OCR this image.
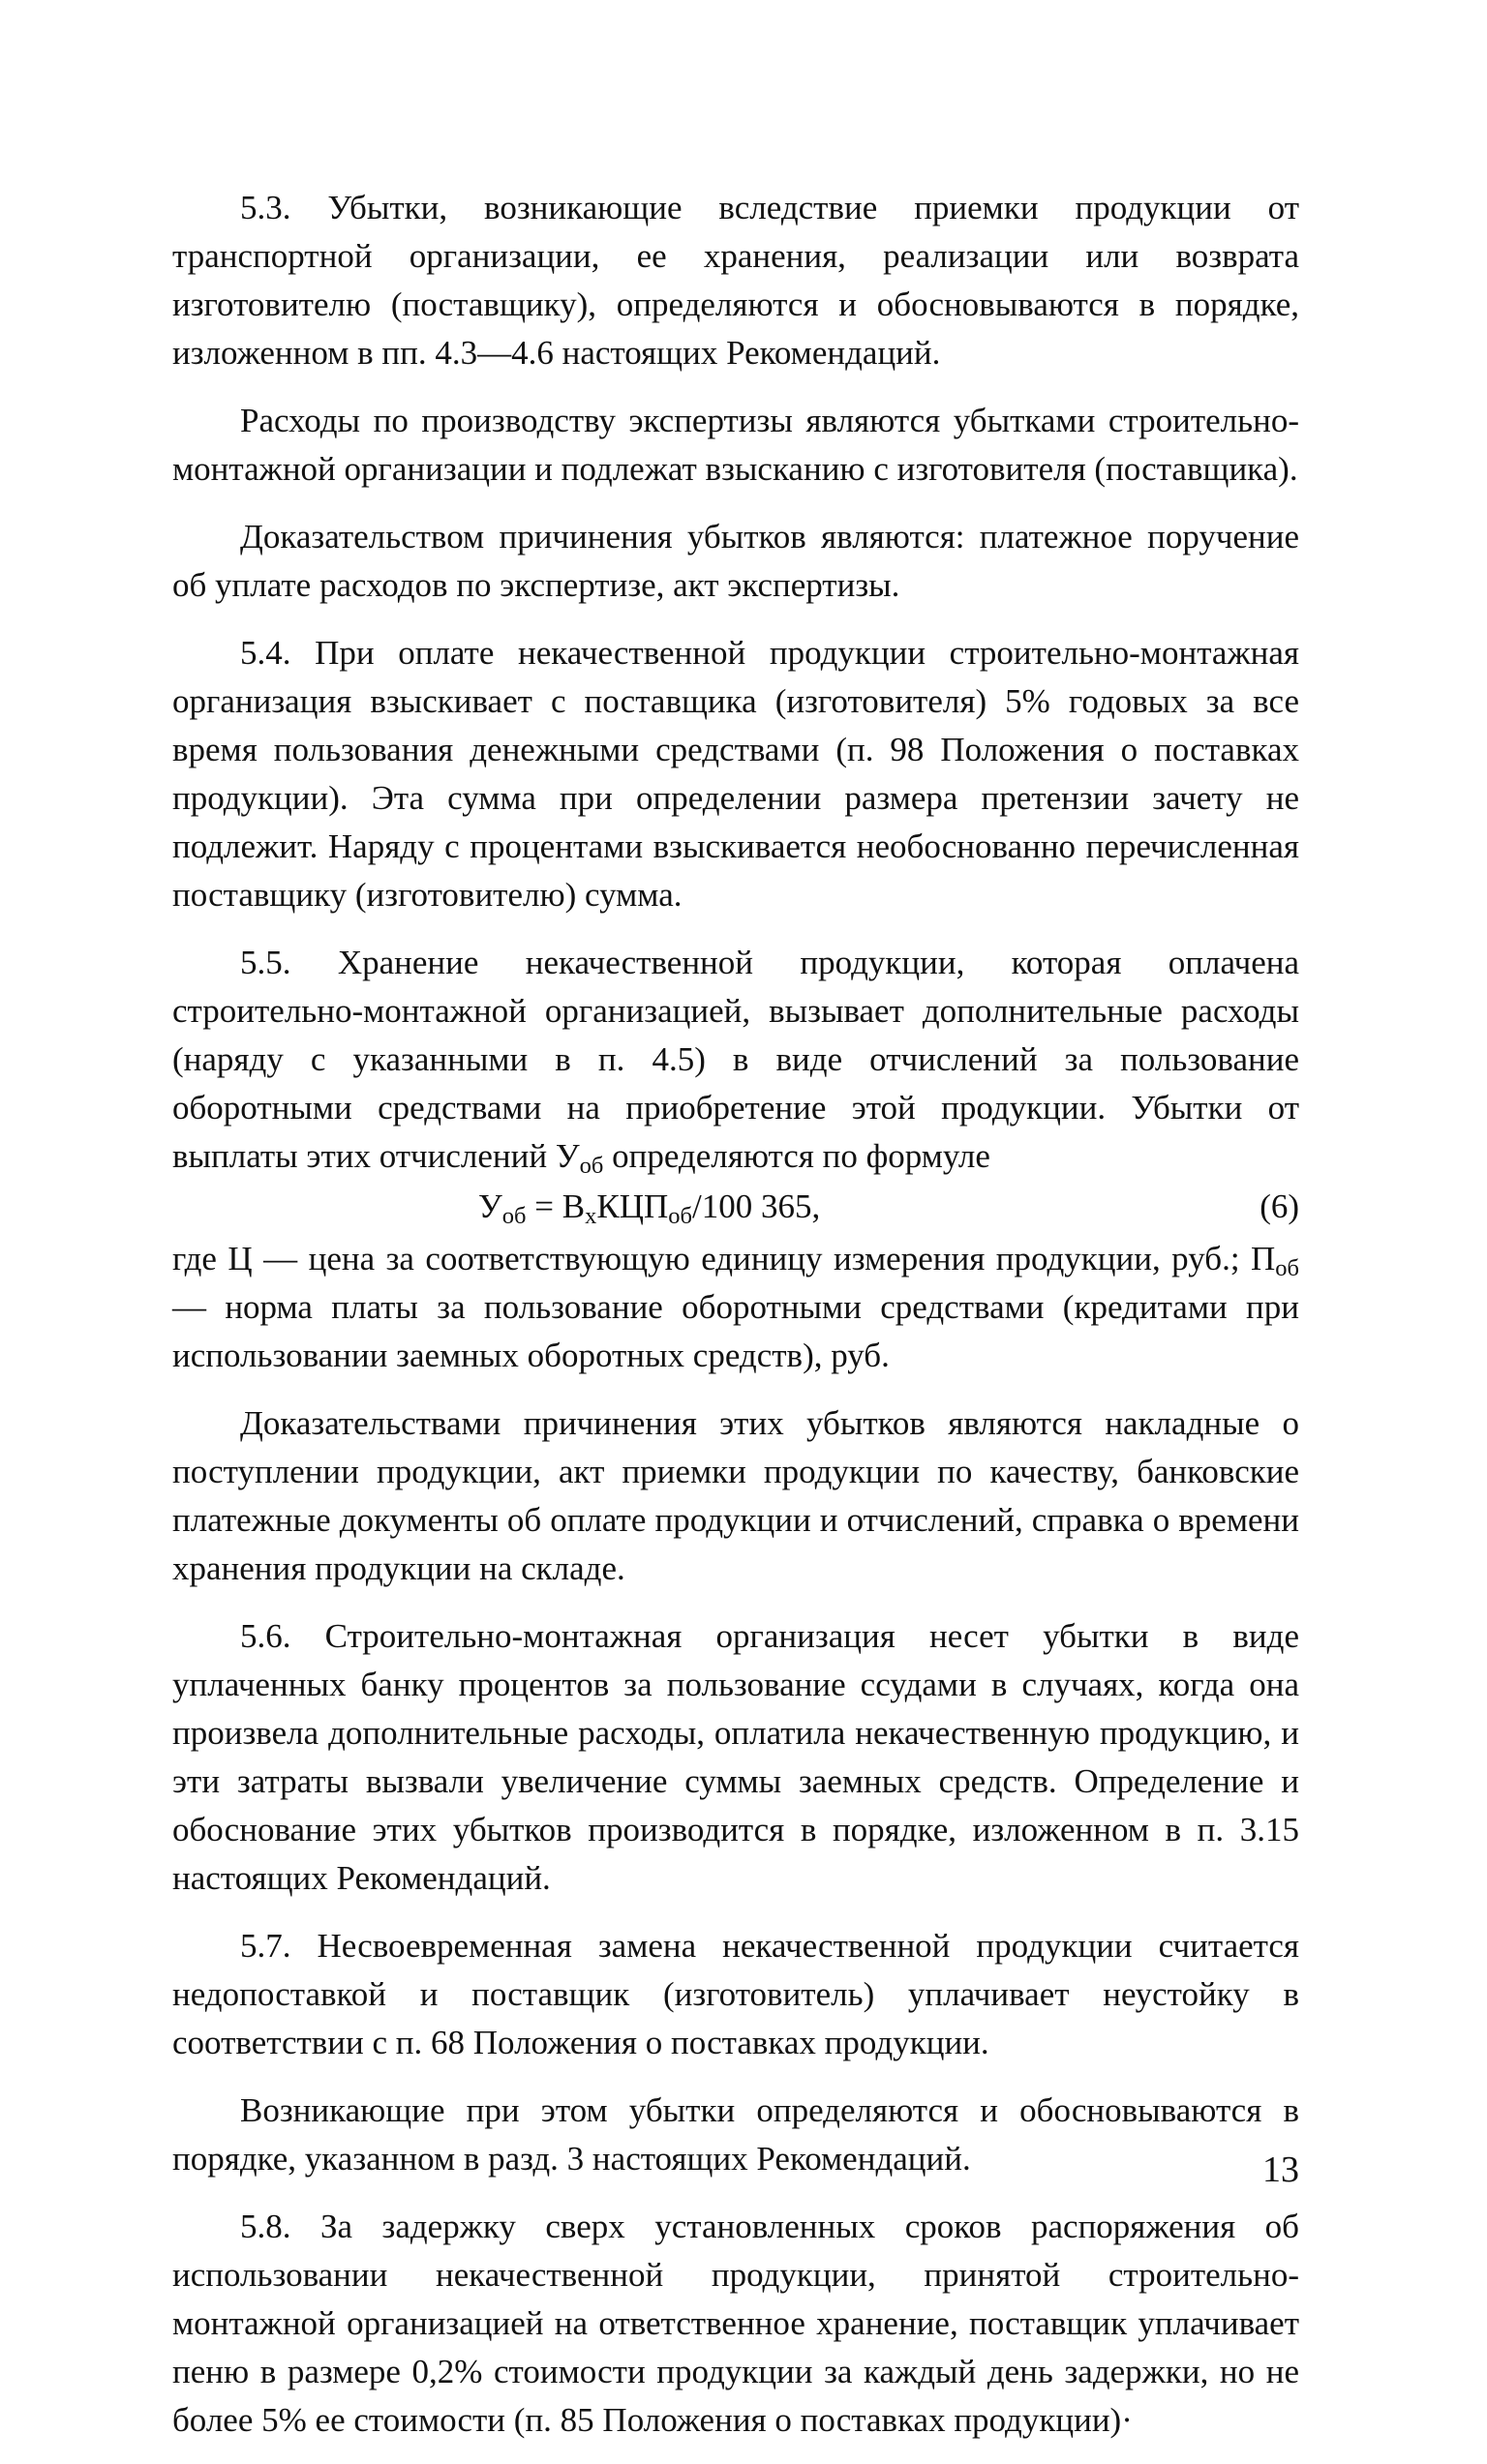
5.3. Убытки, возникающие вследствие приемки продукции от транспортной организации, ее хранения, реализации или возврата изготовителю (поставщику), определяются и обосновываются в порядке, изложенном в пп. 4.3—4.6 настоящих Рекомендаций.

Расходы по производству экспертизы являются убытками строительно-монтажной организации и подлежат взысканию с изготовителя (поставщика).

Доказательством причинения убытков являются: платежное поручение об уплате расходов по экспертизе, акт экспертизы.

5.4. При оплате некачественной продукции строительно-монтажная организация взыскивает с поставщика (изготовителя) 5% годовых за все время пользования денежными средствами (п. 98 Положения о поставках продукции). Эта сумма при определении размера претензии зачету не подлежит. Наряду с процентами взыскивается необоснованно перечисленная поставщику (изготовителю) сумма.

5.5. Хранение некачественной продукции, которая оплачена строительно-монтажной организацией, вызывает дополнительные расходы (наряду с указанными в п. 4.5) в виде отчислений за пользование оборотными средствами на приобретение этой продукции. Убытки от выплаты этих отчислений $У_{об}$ определяются по формуле

$У_{об} = В_хКЦП_{об}/100$ 365,	(6)

где Ц — цена за соответствующую единицу измерения продукции, руб.; $П_{об}$ — норма платы за пользование оборотными средствами (кредитами при использовании заемных оборотных средств), руб.

Доказательствами причинения этих убытков являются накладные о поступлении продукции, акт приемки продукции по качеству, банковские платежные документы об оплате продукции и отчислений, справка о времени хранения продукции на складе.

5.6. Строительно-монтажная организация несет убытки в виде уплаченных банку процентов за пользование ссудами в случаях, когда она произвела дополнительные расходы, оплатила некачественную продукцию, и эти затраты вызвали увеличение суммы заемных средств. Определение и обоснование этих убытков производится в порядке, изложенном в п. 3.15 настоящих Рекомендаций.

5.7. Несвоевременная замена некачественной продукции считается недопоставкой и поставщик (изготовитель) уплачивает неустойку в соответствии с п. 68 Положения о поставках продукции.

Возникающие при этом убытки определяются и обосновываются в порядке, указанном в разд. 3 настоящих Рекомендаций.

5.8. За задержку сверх установленных сроков распоряжения об использовании некачественной продукции, принятой строительно-монтажной организацией на ответственное хранение, поставщик уплачивает пеню в размере 0,2% стоимости продукции за каждый день задержки, но не более 5% ее стоимости (п. 85 Положения о поставках продукции)·

13
